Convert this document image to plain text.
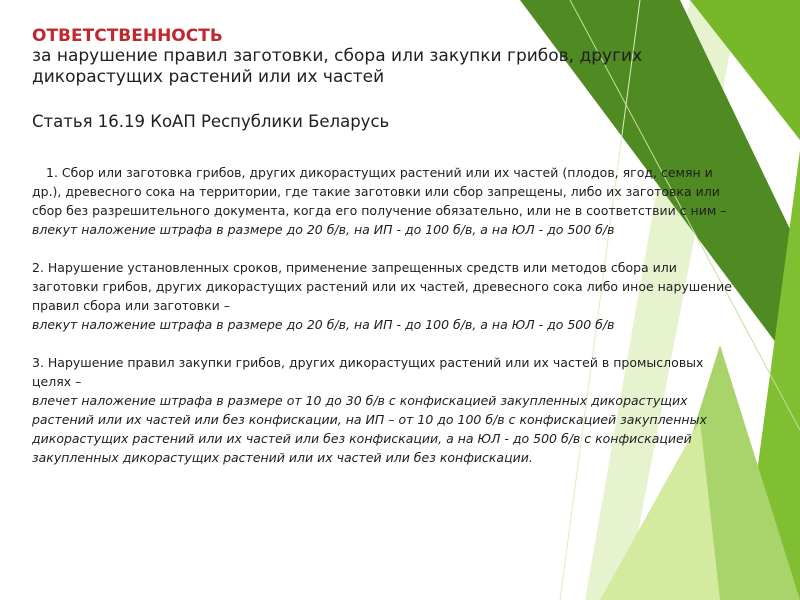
ОТВЕТСТВЕННОСТЬ

за нарушение правил заготовки, сбора или закупки грибов, других дикорастущих растений или их частей

Статья 16.19 КоАП Республики Беларусь

1. Сбор или заготовка грибов, других дикорастущих растений или их частей (плодов, ягод, семян и др.), древесного сока на территории, где такие заготовки или сбор запрещены, либо их заготовка или сбор без разрешительного документа, когда его получение обязательно, или не в соответствии с ним –

влекут наложение штрафа в размере до 20 б/в, на ИП - до 100 б/в, а на ЮЛ - до 500 б/в

2. Нарушение установленных сроков, применение запрещенных средств или методов сбора или заготовки грибов, других дикорастущих растений или их частей, древесного сока либо иное нарушение правил сбора или заготовки –

влекут наложение штрафа в размере до 20 б/в, на ИП - до 100 б/в, а на ЮЛ - до 500 б/в

3. Нарушение правил закупки грибов, других дикорастущих растений или их частей в промысловых целях –

влечет наложение штрафа в размере от 10 до 30 б/в с конфискацией закупленных дикорастущих растений или их частей или без конфискации, на ИП – от 10 до 100 б/в с конфискацией закупленных дикорастущих растений или их частей или без конфискации, а на ЮЛ - до 500 б/в с конфискацией закупленных дикорастущих растений или их частей или без конфискации.
